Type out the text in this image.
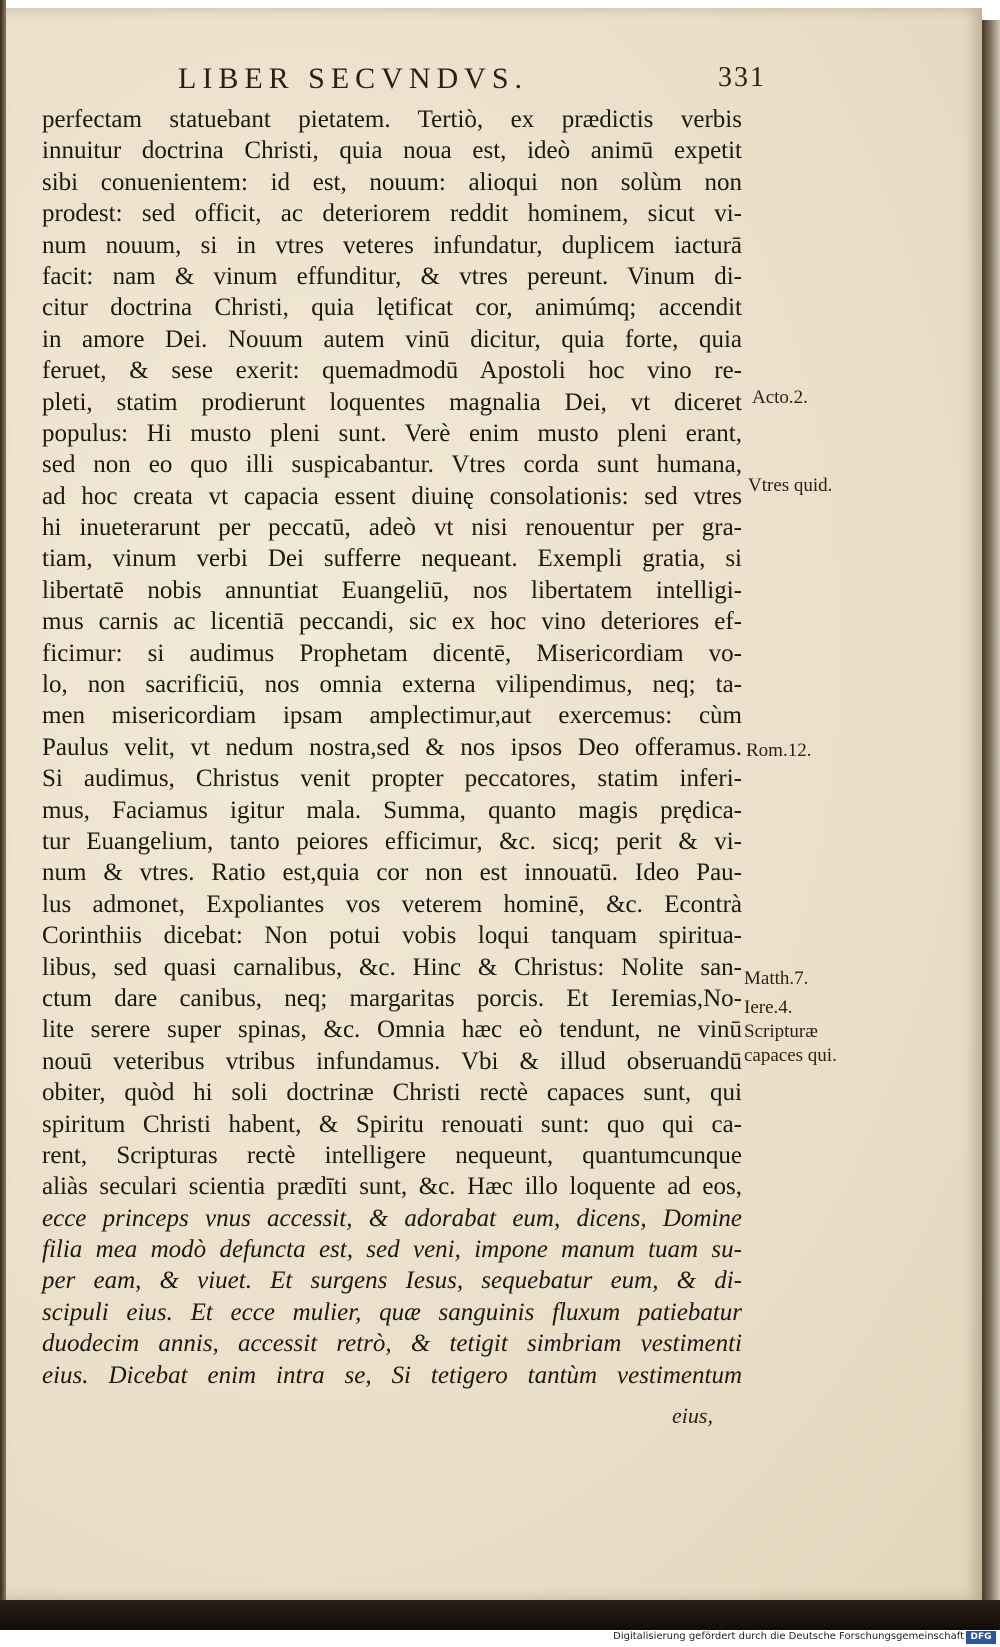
LIBER SECVNDVS.	331
perfectam statuebant pietatem. Tertiò, ex prædictis verbis
innuitur doctrina Christi, quia noua est, ideò animū expetit
sibi conuenientem: id est, nouum: alioqui non solùm non
prodest: sed officit, ac deteriorem reddit hominem, sicut vi-
num nouum, si in vtres veteres infundatur, duplicem iacturā
facit: nam & vinum effunditur, & vtres pereunt. Vinum di-
citur doctrina Christi, quia lętificat cor, animúmq; accendit
in amore Dei. Nouum autem vinū dicitur, quia forte, quia
feruet, & sese exerit: quemadmodū Apostoli hoc vino re-
pleti, statim prodierunt loquentes magnalia Dei, vt diceret
populus: Hi musto pleni sunt. Verè enim musto pleni erant,
sed non eo quo illi suspicabantur. Vtres corda sunt humana,
ad hoc creata vt capacia essent diuinę consolationis: sed vtres
hi inueterarunt per peccatū, adeò vt nisi renouentur per gra-
tiam, vinum verbi Dei sufferre nequeant. Exempli gratia, si
libertatē nobis annuntiat Euangeliū, nos libertatem intelligi-
mus carnis ac licentiā peccandi, sic ex hoc vino deteriores ef-
ficimur: si audimus Prophetam dicentē, Misericordiam vo-
lo, non sacrificiū, nos omnia externa vilipendimus, neq; ta-
men misericordiam ipsam amplectimur,aut exercemus: cùm
Paulus velit, vt nedum nostra,sed & nos ipsos Deo offeramus.
Si audimus, Christus venit propter peccatores, statim inferi-
mus, Faciamus igitur mala. Summa, quanto magis prędica-
tur Euangelium, tanto peiores efficimur, &c. sicq; perit & vi-
num & vtres. Ratio est,quia cor non est innouatū. Ideo Pau-
lus admonet, Expoliantes vos veterem hominē, &c. Econtrà
Corinthiis dicebat: Non potui vobis loqui tanquam spiritua-
libus, sed quasi carnalibus, &c. Hinc & Christus: Nolite san-
ctum dare canibus, neq; margaritas porcis. Et Ieremias,No-
lite serere super spinas, &c. Omnia hæc eò tendunt, ne vinū
nouū veteribus vtribus infundamus. Vbi & illud obseruandū
obiter, quòd hi soli doctrinæ Christi rectè capaces sunt, qui
spiritum Christi habent, & Spiritu renouati sunt: quo qui ca-
rent, Scripturas rectè intelligere nequeunt, quantumcunque
aliàs seculari scientia prædīti sunt, &c. Hæc illo loquente ad eos,
ecce princeps vnus accessit, & adorabat eum, dicens, Domine
filia mea modò defuncta est, sed veni, impone manum tuam su-
per eam, & viuet. Et surgens Iesus, sequebatur eum, & di-
scipuli eius. Et ecce mulier, quæ sanguinis fluxum patiebatur
duodecim annis, accessit retrò, & tetigit simbriam vestimenti
eius. Dicebat enim intra se, Si tetigero tantùm vestimentum
Acto.2.
Vtres quid.
Rom.12.
Matth.7.
Iere.4.
Scripturæ
capaces qui.
eius,
Digitalisierung gefördert durch die Deutsche Forschungsgemeinschaft DFG
